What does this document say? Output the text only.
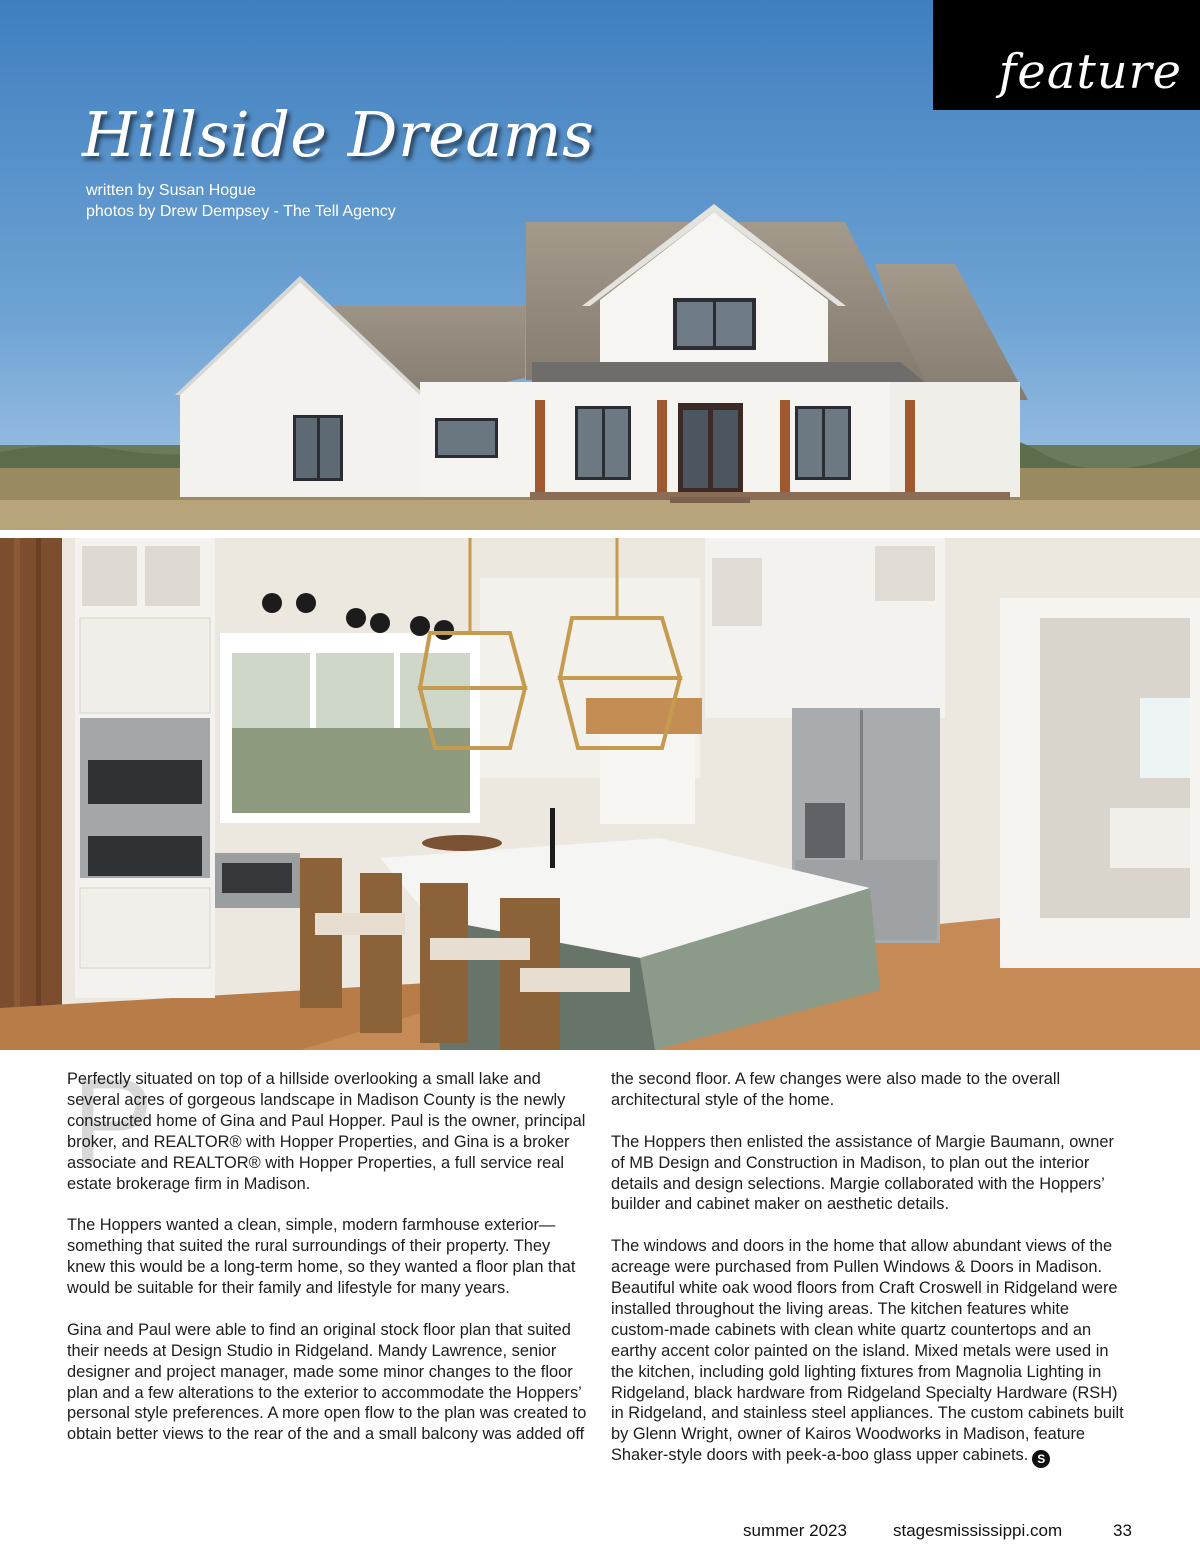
feature
Hillside Dreams
written by Susan Hogue
photos by Drew Dempsey - The Tell Agency
P

Perfectly situated on top of a hillside overlooking a small lake and several acres of gorgeous landscape in Madison County is the newly constructed home of Gina and Paul Hopper. Paul is the owner, principal broker, and REALTOR® with Hopper Properties, and Gina is a broker associate and REALTOR® with Hopper Properties, a full service real estate brokerage firm in Madison.

The Hoppers wanted a clean, simple, modern farmhouse exterior—something that suited the rural surroundings of their property. They knew this would be a long-term home, so they wanted a floor plan that would be suitable for their family and lifestyle for many years.

Gina and Paul were able to find an original stock floor plan that suited their needs at Design Studio in Ridgeland. Mandy Lawrence, senior designer and project manager, made some minor changes to the floor plan and a few alterations to the exterior to accommodate the Hoppers’ personal style preferences. A more open flow to the plan was created to obtain better views to the rear of the and a small balcony was added off

the second floor. A few changes were also made to the overall architectural style of the home.

The Hoppers then enlisted the assistance of Margie Baumann, owner of MB Design and Construction in Madison, to plan out the interior details and design selections. Margie collaborated with the Hoppers’ builder and cabinet maker on aesthetic details.

The windows and doors in the home that allow abundant views of the acreage were purchased from Pullen Windows & Doors in Madison. Beautiful white oak wood floors from Craft Croswell in Ridgeland were installed throughout the living areas. The kitchen features white custom-made cabinets with clean white quartz countertops and an earthy accent color painted on the island. Mixed metals were used in the kitchen, including gold lighting fixtures from Magnolia Lighting in Ridgeland, black hardware from Ridgeland Specialty Hardware (RSH) in Ridgeland, and stainless steel appliances. The custom cabinets built by Glenn Wright, owner of Kairos Woodworks in Madison, feature Shaker-style doors with peek-a-boo glass upper cabinets. S

summer 2023	stagesmississippi.com	33
